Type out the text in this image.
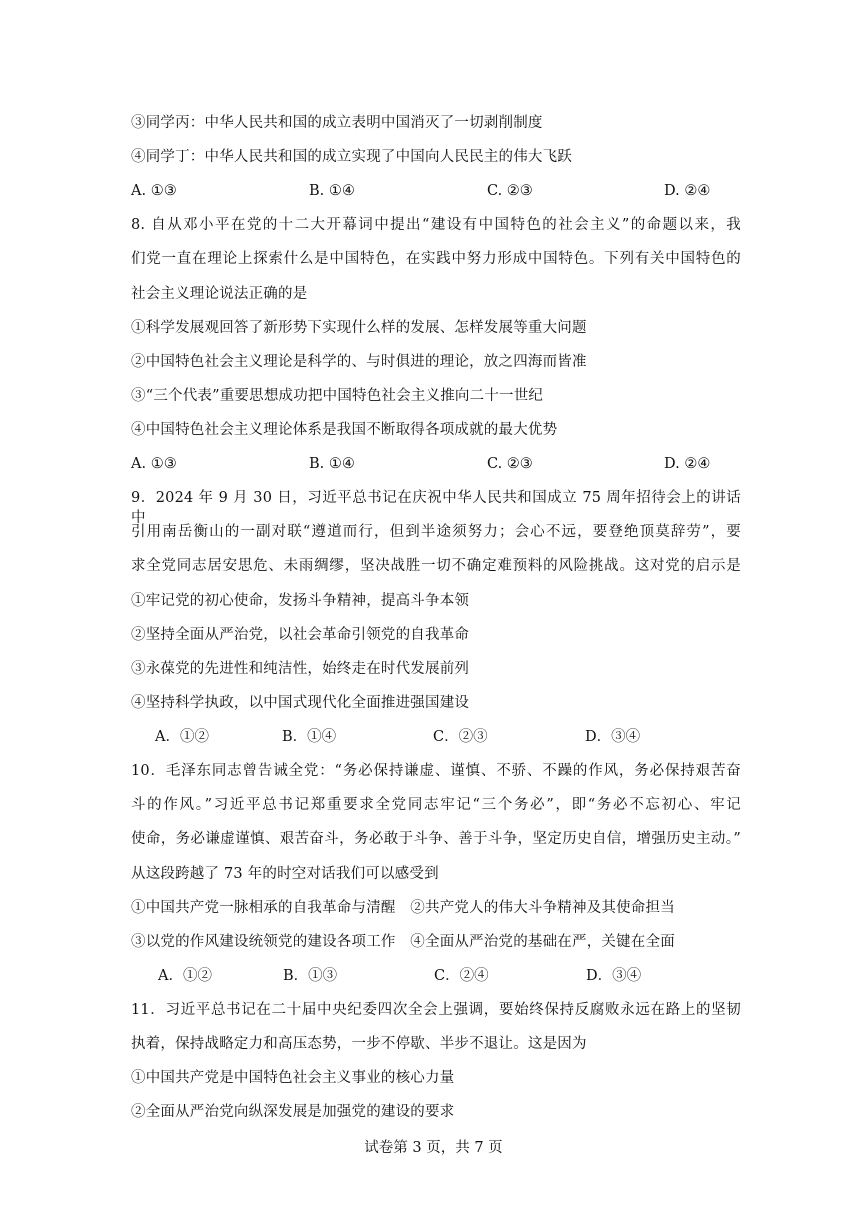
③同学丙：中华人民共和国的成立表明中国消灭了一切剥削制度
④同学丁：中华人民共和国的成立实现了中国向人民民主的伟大飞跃
A. ①③	B. ①④	C. ②③	D. ②④
8. 自从邓小平在党的十二大开幕词中提出“建设有中国特色的社会主义”的命题以来，我
们党一直在理论上探索什么是中国特色，在实践中努力形成中国特色。下列有关中国特色的
社会主义理论说法正确的是
①科学发展观回答了新形势下实现什么样的发展、怎样发展等重大问题
②中国特色社会主义理论是科学的、与时俱进的理论，放之四海而皆准
③“三个代表”重要思想成功把中国特色社会主义推向二十一世纪
④中国特色社会主义理论体系是我国不断取得各项成就的最大优势
A. ①③	B. ①④	C. ②③	D. ②④
9．2024 年 9 月 30 日，习近平总书记在庆祝中华人民共和国成立 75 周年招待会上的讲话中
引用南岳衡山的一副对联“遵道而行，但到半途须努力；会心不远，要登绝顶莫辞劳”，要
求全党同志居安思危、未雨绸缪，坚决战胜一切不确定难预料的风险挑战。这对党的启示是
①牢记党的初心使命，发扬斗争精神，提高斗争本领
②坚持全面从严治党，以社会革命引领党的自我革命
③永葆党的先进性和纯洁性，始终走在时代发展前列
④坚持科学执政，以中国式现代化全面推进强国建设
A．①②	B．①④	C．②③	D．③④
10．毛泽东同志曾告诫全党：“务必保持谦虚、谨慎、不骄、不躁的作风，务必保持艰苦奋
斗的作风。”习近平总书记郑重要求全党同志牢记“三个务必”，即“务必不忘初心、牢记
使命，务必谦虚谨慎、艰苦奋斗，务必敢于斗争、善于斗争，坚定历史自信，增强历史主动。”
从这段跨越了 73 年的时空对话我们可以感受到
①中国共产党一脉相承的自我革命与清醒　②共产党人的伟大斗争精神及其使命担当
③以党的作风建设统领党的建设各项工作　④全面从严治党的基础在严，关键在全面
A．①②	B．①③	C．②④	D．③④
11．习近平总书记在二十届中央纪委四次全会上强调，要始终保持反腐败永远在路上的坚韧
执着，保持战略定力和高压态势，一步不停歇、半步不退让。这是因为
①中国共产党是中国特色社会主义事业的核心力量
②全面从严治党向纵深发展是加强党的建设的要求
试卷第 3 页，共 7 页
